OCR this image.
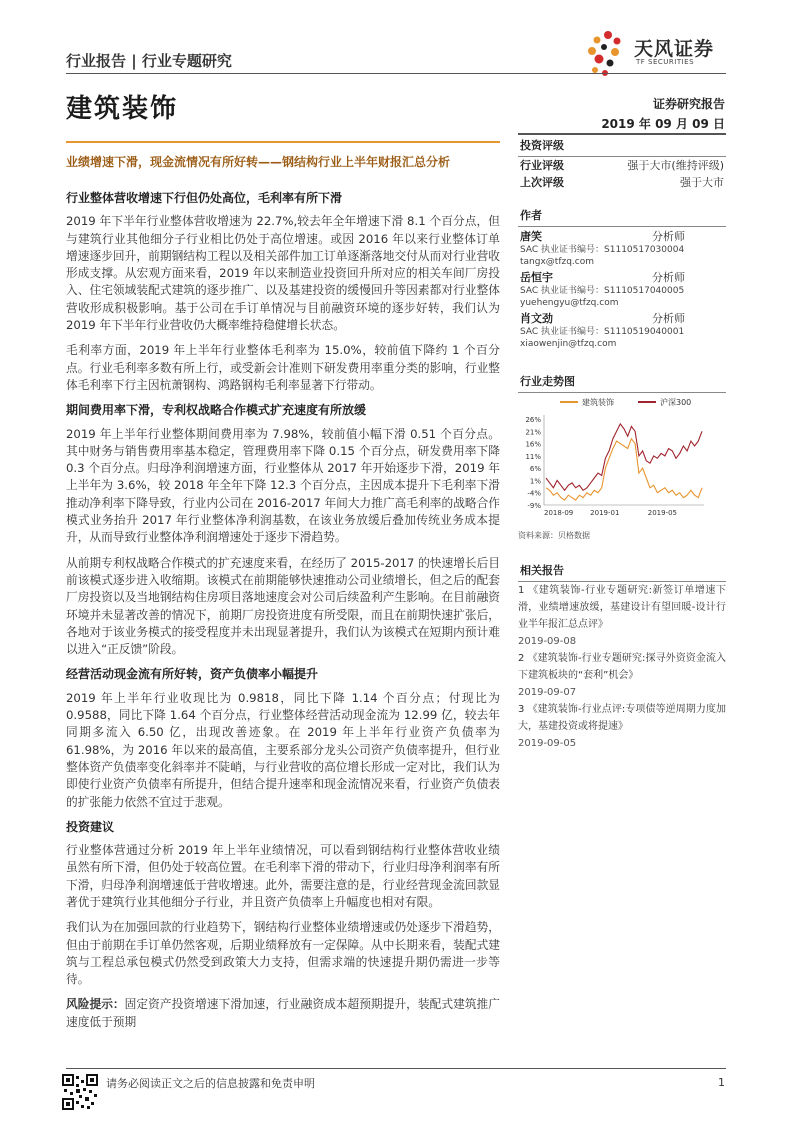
行业报告 | 行业专题研究
天风证券
TF SECURITIES
建筑装饰	证券研究报告
2019 年 09 月 09 日
业绩增速下滑，现金流情况有所好转——钢结构行业上半年财报汇总分析
行业整体营收增速下行但仍处高位，毛利率有所下滑

2019 年下半年行业整体营收增速为 22.7%,较去年全年增速下滑 8.1 个百分点，但与建筑行业其他细分子行业相比仍处于高位增速。或因 2016 年以来行业整体订单增速逐步回升，前期钢结构工程以及相关部件加工订单逐渐落地交付从而对行业营收形成支撑。从宏观方面来看，2019 年以来制造业投资回升所对应的相关车间厂房投入、住宅领域装配式建筑的逐步推广、以及基建投资的缓慢回升等因素都对行业整体营收形成积极影响。基于公司在手订单情况与目前融资环境的逐步好转，我们认为 2019 年下半年行业营收仍大概率维持稳健增长状态。

毛利率方面，2019 年上半年行业整体毛利率为 15.0%，较前值下降约 1 个百分点。行业毛利率多数有所上行，或受新会计准则下研发费用率重分类的影响，行业整体毛利率下行主因杭萧钢构、鸿路钢构毛利率显著下行带动。

期间费用率下滑，专利权战略合作模式扩充速度有所放缓

2019 年上半年行业整体期间费用率为 7.98%，较前值小幅下滑 0.51 个百分点。其中财务与销售费用率基本稳定，管理费用率下降 0.15 个百分点，研发费用率下降 0.3 个百分点。归母净利润增速方面，行业整体从 2017 年开始逐步下滑，2019 年上半年为 3.6%，较 2018 年全年下降 12.3 个百分点，主因成本提升下毛利率下滑推动净利率下降导致，行业内公司在 2016-2017 年间大力推广高毛利率的战略合作模式业务抬升 2017 年行业整体净利润基数，在该业务放缓后叠加传统业务成本提升，从而导致行业整体净利润增速处于逐步下滑趋势。

从前期专利权战略合作模式的扩充速度来看，在经历了 2015-2017 的快速增长后目前该模式逐步进入收缩期。该模式在前期能够快速推动公司业绩增长，但之后的配套厂房投资以及当地钢结构住房项目落地速度会对公司后续盈利产生影响。在目前融资环境并未显著改善的情况下，前期厂房投资进度有所受限，而且在前期快速扩张后，各地对于该业务模式的接受程度并未出现显著提升，我们认为该模式在短期内预计难以进入“正反馈”阶段。

经营活动现金流有所好转，资产负债率小幅提升

2019 年上半年行业收现比为 0.9818，同比下降 1.14 个百分点；付现比为 0.9588，同比下降 1.64 个百分点，行业整体经营活动现金流为 12.99 亿，较去年同期多流入 6.50 亿，出现改善迹象。在 2019 年上半年行业资产负债率为 61.98%，为 2016 年以来的最高值，主要系部分龙头公司资产负债率提升，但行业整体资产负债率变化斜率并不陡峭，与行业营收的高位增长形成一定对比，我们认为即使行业资产负债率有所提升，但结合提升速率和现金流情况来看，行业资产负债表的扩张能力依然不宜过于悲观。

投资建议

行业整体营通过分析 2019 年上半年业绩情况，可以看到钢结构行业整体营收业绩虽然有所下滑，但仍处于较高位置。在毛利率下滑的带动下，行业归母净利润率有所下滑，归母净利润增速低于营收增速。此外，需要注意的是，行业经营现金流回款显著优于建筑行业其他细分子行业，并且资产负债率上升幅度也相对有限。

我们认为在加强回款的行业趋势下，钢结构行业整体业绩增速或仍处逐步下滑趋势，但由于前期在手订单仍然客观，后期业绩释放有一定保障。从中长期来看，装配式建筑与工程总承包模式仍然受到政策大力支持，但需求端的快速提升期仍需进一步等待。

风险提示：固定资产投资增速下滑加速，行业融资成本超预期提升，装配式建筑推广速度低于预期

投资评级
行业评级	强于大市(维持评级)
上次评级	强于大市
作者
唐笑	分析师
SAC 执业证书编号：S1110517030004
tangx@tfzq.com
岳恒宇	分析师
SAC 执业证书编号：S1110517040005
yuehengyu@tfzq.com
肖文劲	分析师
SAC 执业证书编号：S1110519040001
xiaowenjin@tfzq.com
行业走势图
建筑装饰	沪深300
26%
21%
16%
11%
6%
1%
-4%
-9%
2018-09 2019-01	2019-05
资料来源：贝格数据
相关报告
1 《建筑装饰-行业专题研究:新签订单增速下滑，业绩增速放缓，基建设计有望回暖-设计行业半年报汇总点评》
2019-09-08
2 《建筑装饰-行业专题研究:探寻外资资金流入下建筑板块的“套利”机会》
2019-09-07
3 《建筑装饰-行业点评:专项债等逆周期力度加大，基建投资或将提速》
2019-09-05
请务必阅读正文之后的信息披露和免责申明	1
